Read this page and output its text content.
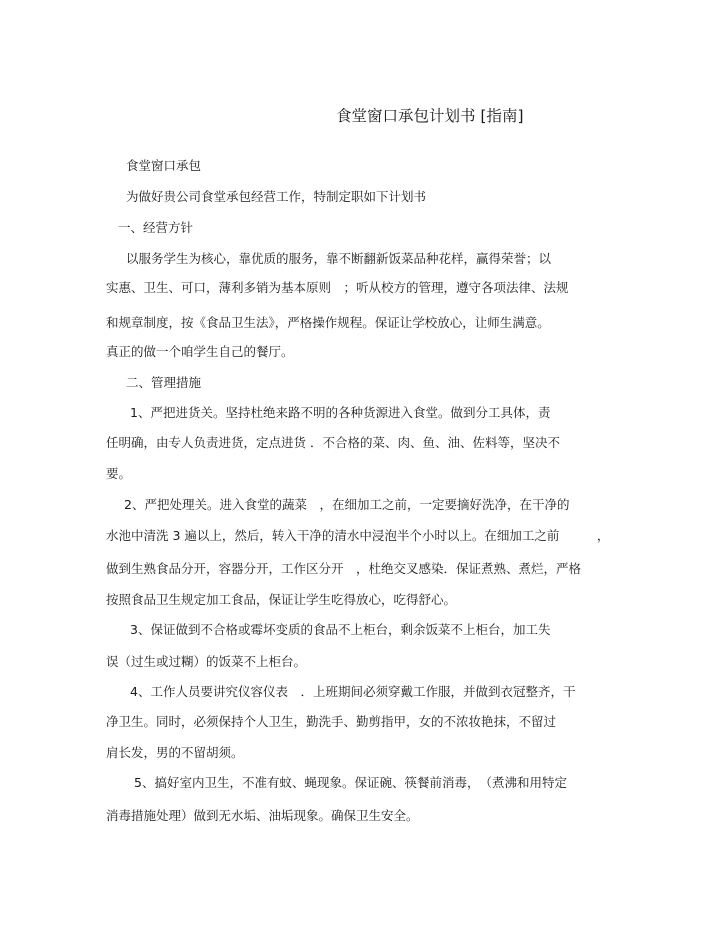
食堂窗口承包计划书 [指南]
食堂窗口承包
为做好贵公司食堂承包经营工作，特制定职如下计划书
一、经营方针
以服务学生为核心，靠优质的服务，靠不断翻新饭菜品种花样，赢得荣誉；以
实惠、卫生、可口，薄利多销为基本原则　；听从校方的管理，遵守各项法律、法规
和规章制度，按《食品卫生法》，严格操作规程。保证让学校放心，让师生满意。
真正的做一个咱学生自己的餐厅。
二、管理措施
1、严把进货关。坚持杜绝来路不明的各种货源进入食堂。做到分工具体，责
任明确，由专人负责进货，定点进货 ．不合格的菜、肉、鱼、油、佐料等，坚决不
要。
2、严把处理关。进入食堂的蔬菜　，在细加工之前，一定要摘好洗净，在干净的
水池中清洗 3 遍以上，然后，转入干净的清水中浸泡半个小时以上。在细加工之前　　　，
做到生熟食品分开，容器分开，工作区分开　，杜绝交叉感染．保证煮熟、煮烂，严格
按照食品卫生规定加工食品，保证让学生吃得放心，吃得舒心。
3、保证做到不合格或霉坏变质的食品不上柜台，剩余饭菜不上柜台，加工失
误（过生或过糊）的饭菜不上柜台。
4、工作人员要讲究仪容仪表　．上班期间必须穿戴工作服，并做到衣冠整齐，干
净卫生。同时，必须保持个人卫生，勤洗手、勤剪指甲，女的不浓妆艳抹，不留过
肩长发，男的不留胡须。
5、搞好室内卫生，不准有蚊、蝇现象。保证碗、筷餐前消毒，　（煮沸和用特定
消毒措施处理）做到无水垢、油垢现象。确保卫生安全。
